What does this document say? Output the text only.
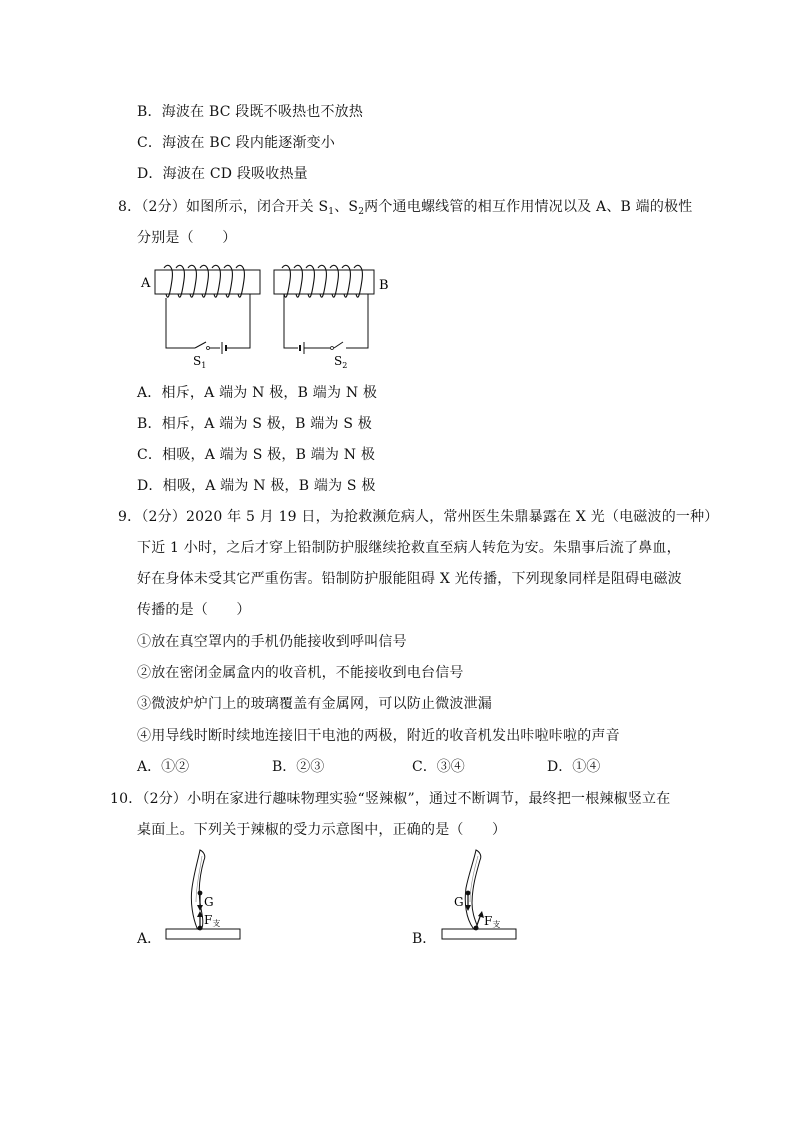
B．海波在 BC 段既不吸热也不放热
C．海波在 BC 段内能逐渐变小
D．海波在 CD 段吸收热量
8．（2分）如图所示，闭合开关 $S_1$、$S_2$两个通电螺线管的相互作用情况以及 A、B 端的极性
分别是（　　）
A	B
$S_1$	$S_2$
A．相斥，A 端为 N 极，B 端为 N 极
B．相斥，A 端为 S 极，B 端为 S 极
C．相吸，A 端为 S 极，B 端为 N 极
D．相吸，A 端为 N 极，B 端为 S 极
9．（2分）2020 年 5 月 19 日，为抢救濒危病人，常州医生朱鼎暴露在 X 光（电磁波的一种）
下近 1 小时，之后才穿上铅制防护服继续抢救直至病人转危为安。朱鼎事后流了鼻血，
好在身体未受其它严重伤害。铅制防护服能阻碍 X 光传播，下列现象同样是阻碍电磁波
传播的是（　　）
①放在真空罩内的手机仍能接收到呼叫信号
②放在密闭金属盒内的收音机，不能接收到电台信号
③微波炉炉门上的玻璃覆盖有金属网，可以防止微波泄漏
④用导线时断时续地连接旧干电池的两极，附近的收音机发出咔啦咔啦的声音
A．①②	B．②③	C．③④	D．①④
10．（2分）小明在家进行趣味物理实验“竖辣椒”，通过不断调节，最终把一根辣椒竖立在
桌面上。下列关于辣椒的受力示意图中，正确的是（　　）
A．
G
F支
B．
G
F支
